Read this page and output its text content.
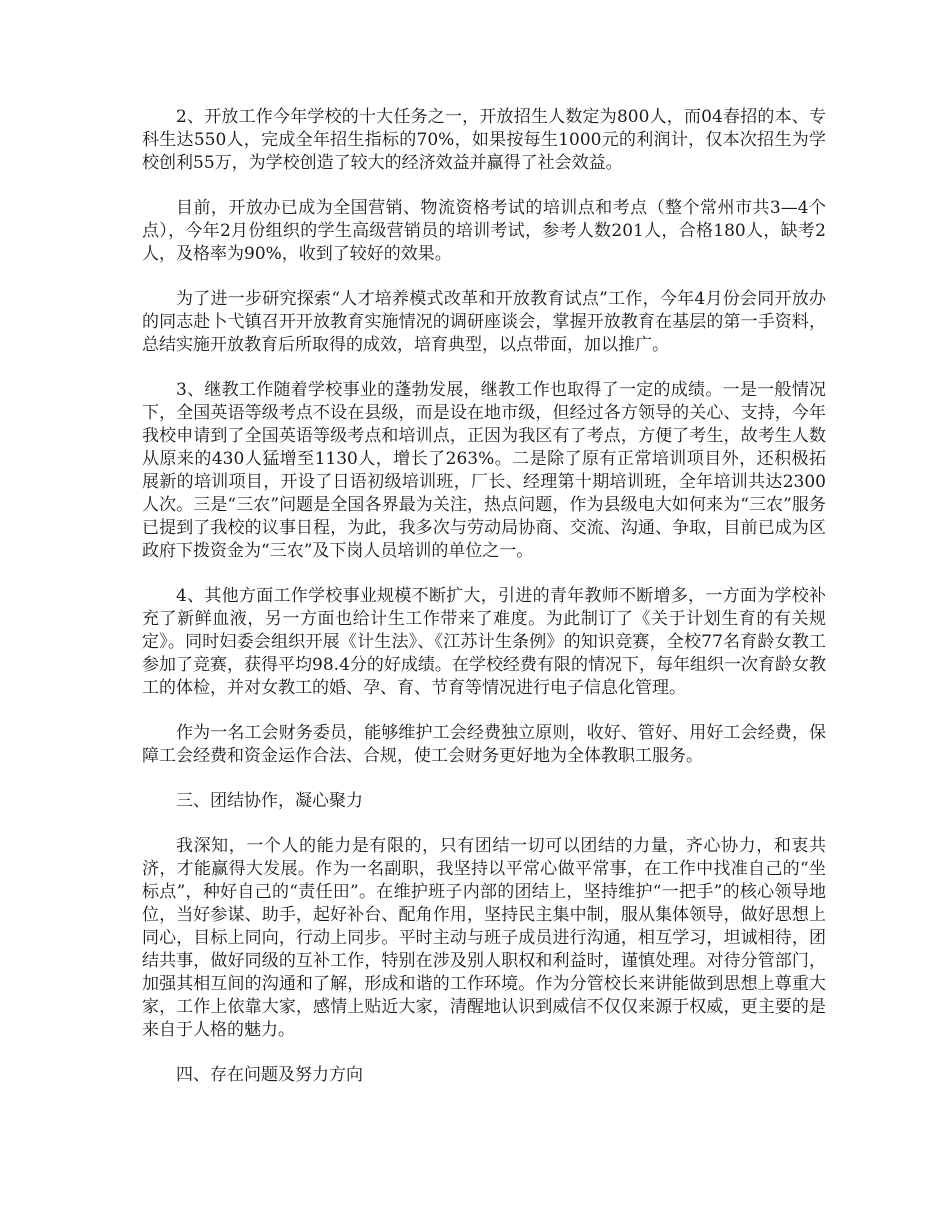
2、开放工作今年学校的十大任务之一，开放招生人数定为800人，而04春招的本、专科生达550人，完成全年招生指标的70%，如果按每生1000元的利润计，仅本次招生为学校创利55万，为学校创造了较大的经济效益并赢得了社会效益。

目前，开放办已成为全国营销、物流资格考试的培训点和考点（整个常州市共3—4个点），今年2月份组织的学生高级营销员的培训考试，参考人数201人，合格180人，缺考2人，及格率为90%，收到了较好的效果。

为了进一步研究探索“人才培养模式改革和开放教育试点”工作，今年4月份会同开放办的同志赴卜弋镇召开开放教育实施情况的调研座谈会，掌握开放教育在基层的第一手资料，总结实施开放教育后所取得的成效，培育典型，以点带面，加以推广。

3、继教工作随着学校事业的蓬勃发展，继教工作也取得了一定的成绩。一是一般情况下，全国英语等级考点不设在县级，而是设在地市级，但经过各方领导的关心、支持，今年我校申请到了全国英语等级考点和培训点，正因为我区有了考点，方便了考生，故考生人数从原来的430人猛增至1130人，增长了263%。二是除了原有正常培训项目外，还积极拓展新的培训项目，开设了日语初级培训班，厂长、经理第十期培训班，全年培训共达2300人次。三是“三农”问题是全国各界最为关注，热点问题，作为县级电大如何来为“三农”服务已提到了我校的议事日程，为此，我多次与劳动局协商、交流、沟通、争取，目前已成为区政府下拨资金为“三农”及下岗人员培训的单位之一。

4、其他方面工作学校事业规模不断扩大，引进的青年教师不断增多，一方面为学校补充了新鲜血液，另一方面也给计生工作带来了难度。为此制订了《关于计划生育的有关规定》。同时妇委会组织开展《计生法》、《江苏计生条例》的知识竞赛，全校77名育龄女教工参加了竞赛，获得平均98.4分的好成绩。在学校经费有限的情况下，每年组织一次育龄女教工的体检，并对女教工的婚、孕、育、节育等情况进行电子信息化管理。

作为一名工会财务委员，能够维护工会经费独立原则，收好、管好、用好工会经费，保障工会经费和资金运作合法、合规，使工会财务更好地为全体教职工服务。

三、团结协作，凝心聚力

我深知，一个人的能力是有限的，只有团结一切可以团结的力量，齐心协力，和衷共济，才能赢得大发展。作为一名副职，我坚持以平常心做平常事，在工作中找准自己的“坐标点”，种好自己的“责任田”。在维护班子内部的团结上，坚持维护“一把手”的核心领导地位，当好参谋、助手，起好补台、配角作用，坚持民主集中制，服从集体领导，做好思想上同心，目标上同向，行动上同步。平时主动与班子成员进行沟通，相互学习，坦诚相待，团结共事，做好同级的互补工作，特别在涉及别人职权和利益时，谨慎处理。对待分管部门，加强其相互间的沟通和了解，形成和谐的工作环境。作为分管校长来讲能做到思想上尊重大家，工作上依靠大家，感情上贴近大家，清醒地认识到威信不仅仅来源于权威，更主要的是来自于人格的魅力。

四、存在问题及努力方向
